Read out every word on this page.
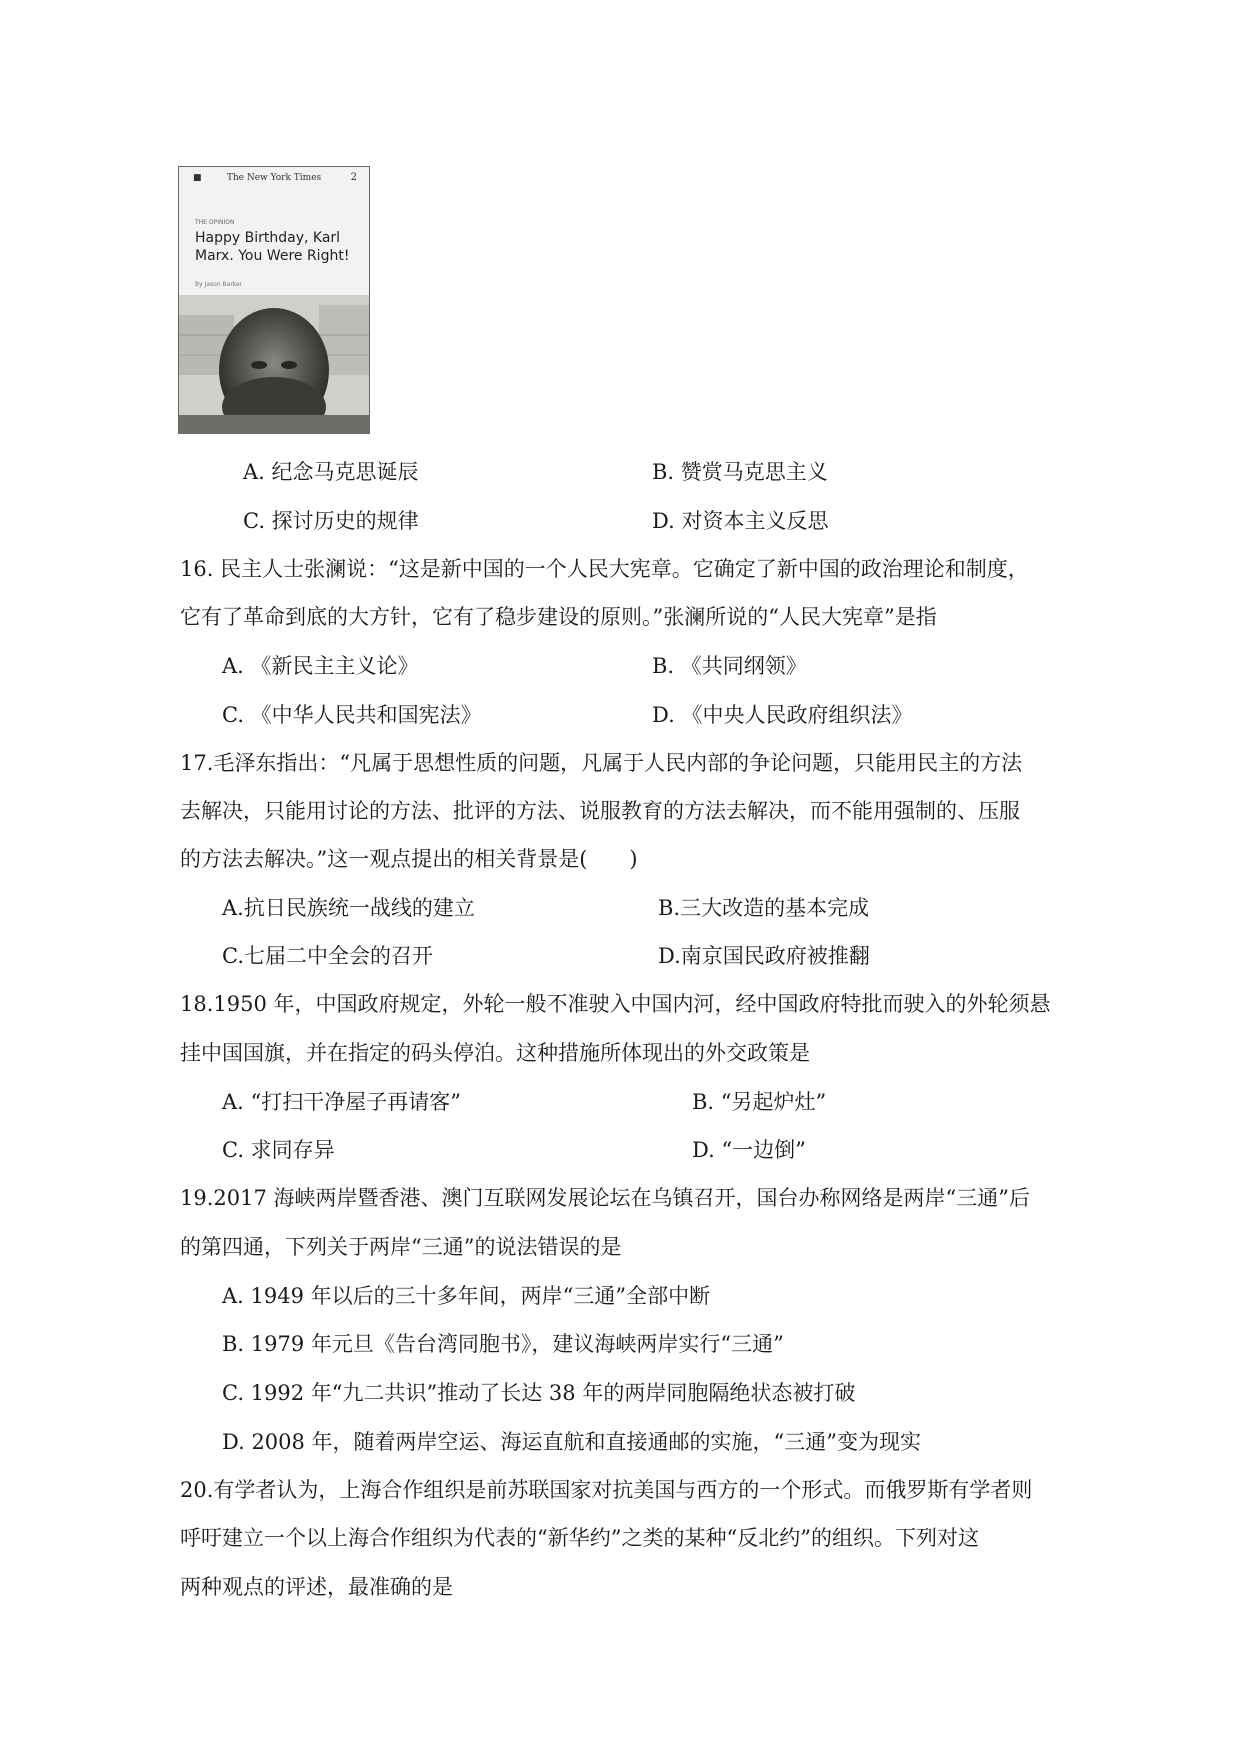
■	The New York Times	2
THE OPINION
Happy Birthday, Karl Marx. You Were Right!
By Jason Barker
A. 纪念马克思诞辰	B. 赞赏马克思主义
C. 探讨历史的规律	D. 对资本主义反思
16. 民主人士张澜说：“这是新中国的一个人民大宪章。它确定了新中国的政治理论和制度，
它有了革命到底的大方针，它有了稳步建设的原则。”张澜所说的“人民大宪章”是指
A. 《新民主主义论》	B. 《共同纲领》
C. 《中华人民共和国宪法》	D. 《中央人民政府组织法》
17.毛泽东指出：“凡属于思想性质的问题，凡属于人民内部的争论问题，只能用民主的方法
去解决，只能用讨论的方法、批评的方法、说服教育的方法去解决，而不能用强制的、压服
的方法去解决。”这一观点提出的相关背景是(　　)
A.抗日民族统一战线的建立	B.三大改造的基本完成
C.七届二中全会的召开	D.南京国民政府被推翻
18.1950 年，中国政府规定，外轮一般不准驶入中国内河，经中国政府特批而驶入的外轮须悬
挂中国国旗，并在指定的码头停泊。这种措施所体现出的外交政策是
A. “打扫干净屋子再请客”	B. “另起炉灶”
C. 求同存异	D. “一边倒”
19.2017 海峡两岸暨香港、澳门互联网发展论坛在乌镇召开，国台办称网络是两岸“三通”后
的第四通，下列关于两岸“三通”的说法错误的是
A. 1949 年以后的三十多年间，两岸“三通”全部中断
B. 1979 年元旦《告台湾同胞书》，建议海峡两岸实行“三通”
C. 1992 年“九二共识”推动了长达 38 年的两岸同胞隔绝状态被打破
D. 2008 年，随着两岸空运、海运直航和直接通邮的实施，“三通”变为现实
20.有学者认为，上海合作组织是前苏联国家对抗美国与西方的一个形式。而俄罗斯有学者则
呼吁建立一个以上海合作组织为代表的“新华约”之类的某种“反北约”的组织。下列对这
两种观点的评述，最准确的是
